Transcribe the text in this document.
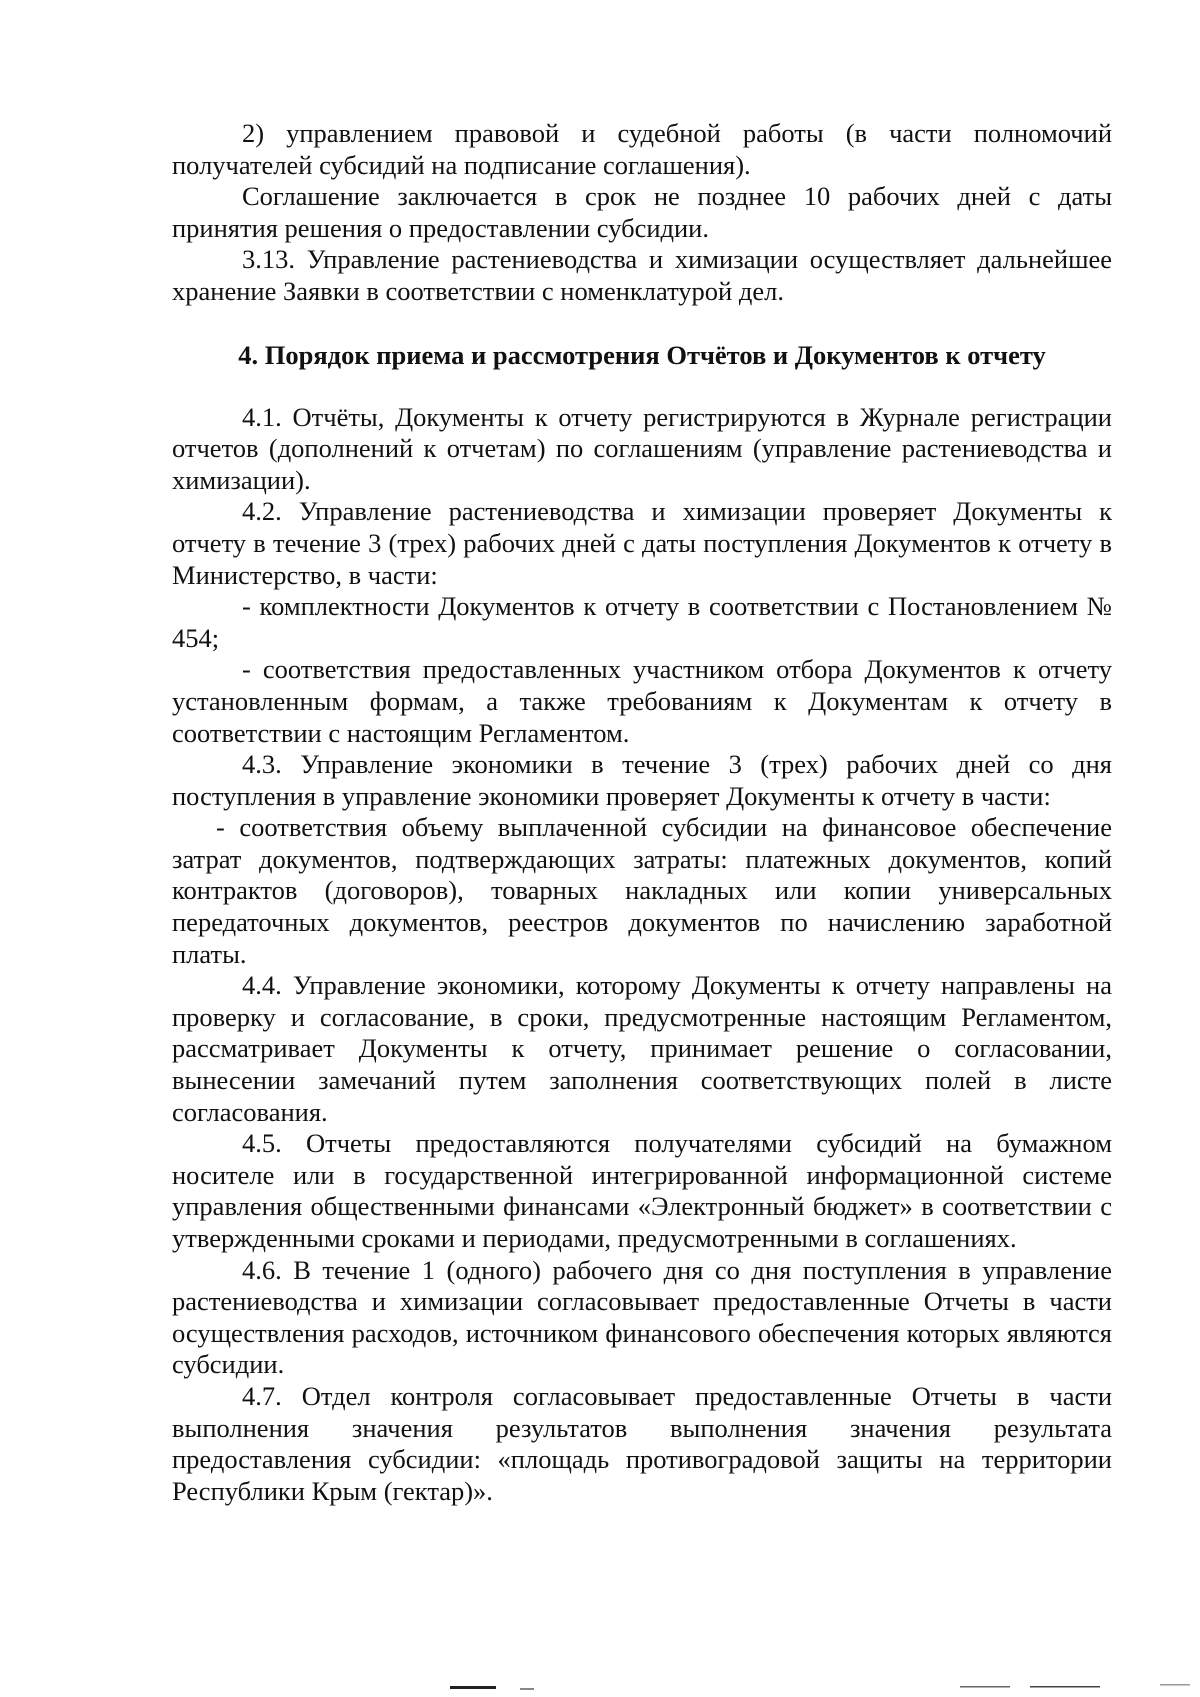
2) управлением правовой и судебной работы (в части полномочий получателей субсидий на подписание соглашения).

Соглашение заключается в срок не позднее 10 рабочих дней с даты принятия решения о предоставлении субсидии.

3.13. Управление растениеводства и химизации осуществляет дальнейшее хранение Заявки в соответствии с номенклатурой дел.

4. Порядок приема и рассмотрения Отчётов и Документов к отчету

4.1. Отчёты, Документы к отчету регистрируются в Журнале регистрации отчетов (дополнений к отчетам) по соглашениям (управление растениеводства и химизации).

4.2. Управление растениеводства и химизации проверяет Документы к отчету в течение 3 (трех) рабочих дней с даты поступления Документов к отчету в Министерство, в части:

- комплектности Документов к отчету в соответствии с Постановлением № 454;

- соответствия предоставленных участником отбора Документов к отчету установленным формам, а также требованиям к Документам к отчету в соответствии с настоящим Регламентом.

4.3. Управление экономики в течение 3 (трех) рабочих дней со дня поступления в управление экономики проверяет Документы к отчету в части:

- соответствия объему выплаченной субсидии на финансовое обеспечение затрат документов, подтверждающих затраты: платежных документов, копий контрактов (договоров), товарных накладных или копии универсальных передаточных документов, реестров документов по начислению заработной платы.

4.4. Управление экономики, которому Документы к отчету направлены на проверку и согласование, в сроки, предусмотренные настоящим Регламентом, рассматривает Документы к отчету, принимает решение о согласовании, вынесении замечаний путем заполнения соответствующих полей в листе согласования.

4.5. Отчеты предоставляются получателями субсидий на бумажном носителе или в государственной интегрированной информационной системе управления общественными финансами «Электронный бюджет» в соответствии с утвержденными сроками и периодами, предусмотренными в соглашениях.

4.6. В течение 1 (одного) рабочего дня со дня поступления в управление растениеводства и химизации согласовывает предоставленные Отчеты в части осуществления расходов, источником финансового обеспечения которых являются субсидии.

4.7. Отдел контроля согласовывает предоставленные Отчеты в части выполнения значения результатов выполнения значения результата предоставления субсидии: «площадь противоградовой защиты на территории Республики Крым (гектар)».
